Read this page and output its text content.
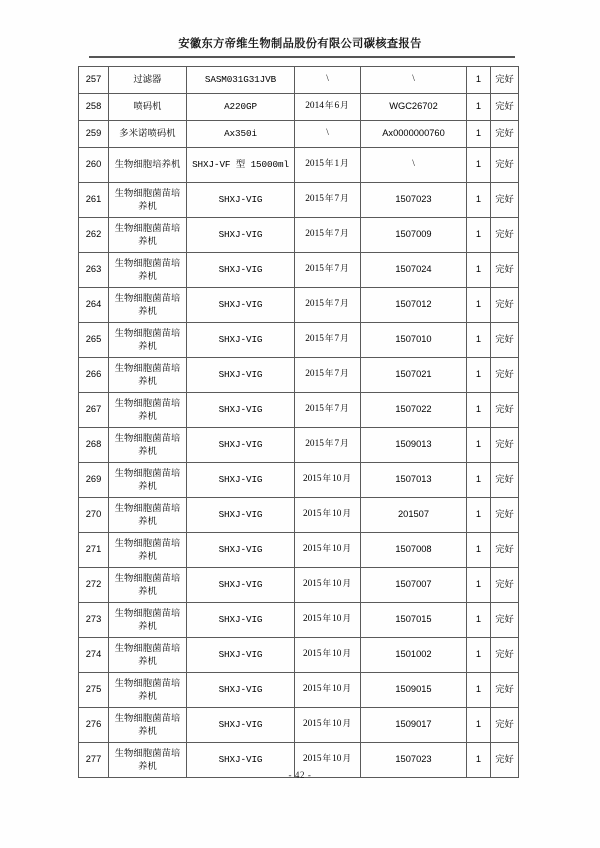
安徽东方帝维生物制品股份有限公司碳核查报告
257	过滤器	SASM031G31JVB	\	\	1	完好
258	喷码机	A220GP	2014年6月	WGC26702	1	完好
259	多米诺喷码机	Ax350i	\	Ax0000000760	1	完好
260	生物细胞培养机	SHXJ-VF 型 15000ml	2015年1月	\	1	完好
261	生物细胞菌苗培养机	SHXJ-VIG	2015年7月	1507023	1	完好
262	生物细胞菌苗培养机	SHXJ-VIG	2015年7月	1507009	1	完好
263	生物细胞菌苗培养机	SHXJ-VIG	2015年7月	1507024	1	完好
264	生物细胞菌苗培养机	SHXJ-VIG	2015年7月	1507012	1	完好
265	生物细胞菌苗培养机	SHXJ-VIG	2015年7月	1507010	1	完好
266	生物细胞菌苗培养机	SHXJ-VIG	2015年7月	1507021	1	完好
267	生物细胞菌苗培养机	SHXJ-VIG	2015年7月	1507022	1	完好
268	生物细胞菌苗培养机	SHXJ-VIG	2015年7月	1509013	1	完好
269	生物细胞菌苗培养机	SHXJ-VIG	2015年10月	1507013	1	完好
270	生物细胞菌苗培养机	SHXJ-VIG	2015年10月	201507	1	完好
271	生物细胞菌苗培养机	SHXJ-VIG	2015年10月	1507008	1	完好
272	生物细胞菌苗培养机	SHXJ-VIG	2015年10月	1507007	1	完好
273	生物细胞菌苗培养机	SHXJ-VIG	2015年10月	1507015	1	完好
274	生物细胞菌苗培养机	SHXJ-VIG	2015年10月	1501002	1	完好
275	生物细胞菌苗培养机	SHXJ-VIG	2015年10月	1509015	1	完好
276	生物细胞菌苗培养机	SHXJ-VIG	2015年10月	1509017	1	完好
277	生物细胞菌苗培养机	SHXJ-VIG	2015年10月	1507023	1	完好
- 42 -
